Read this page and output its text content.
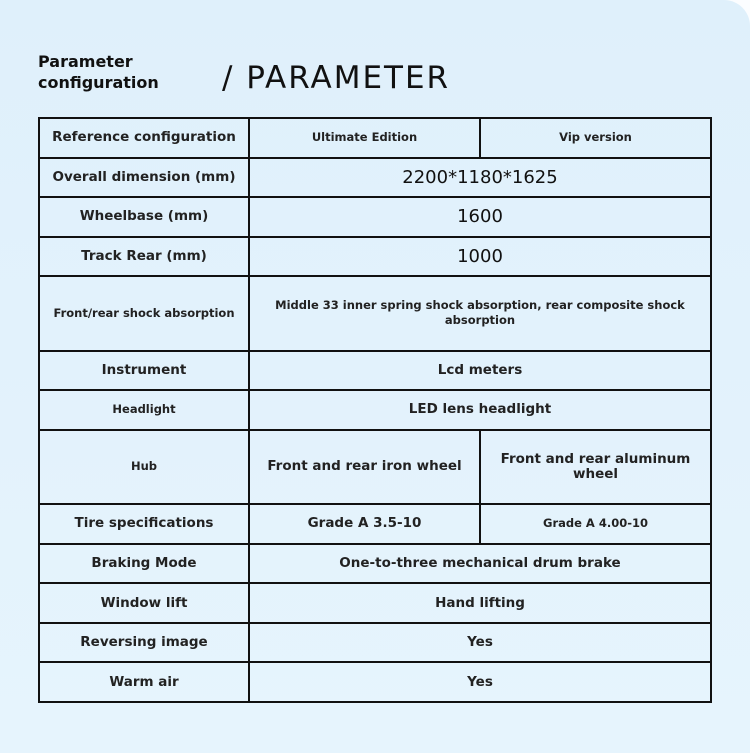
Parameter
configuration / PARAMETER
Reference configuration	Ultimate Edition	Vip version
Overall dimension (mm)	2200*1180*1625	
Wheelbase (mm)	1600	
Track Rear (mm)	1000	
Front/rear shock absorption	Middle 33 inner spring shock absorption, rear composite shock absorption	
Instrument	Lcd meters	
Headlight	LED lens headlight	
Hub	Front and rear iron wheel	Front and rear aluminum wheel
Tire specifications	Grade A 3.5-10	Grade A 4.00-10
Braking Mode	One-to-three mechanical drum brake	
Window lift	Hand lifting	
Reversing image	Yes	
Warm air	Yes	
